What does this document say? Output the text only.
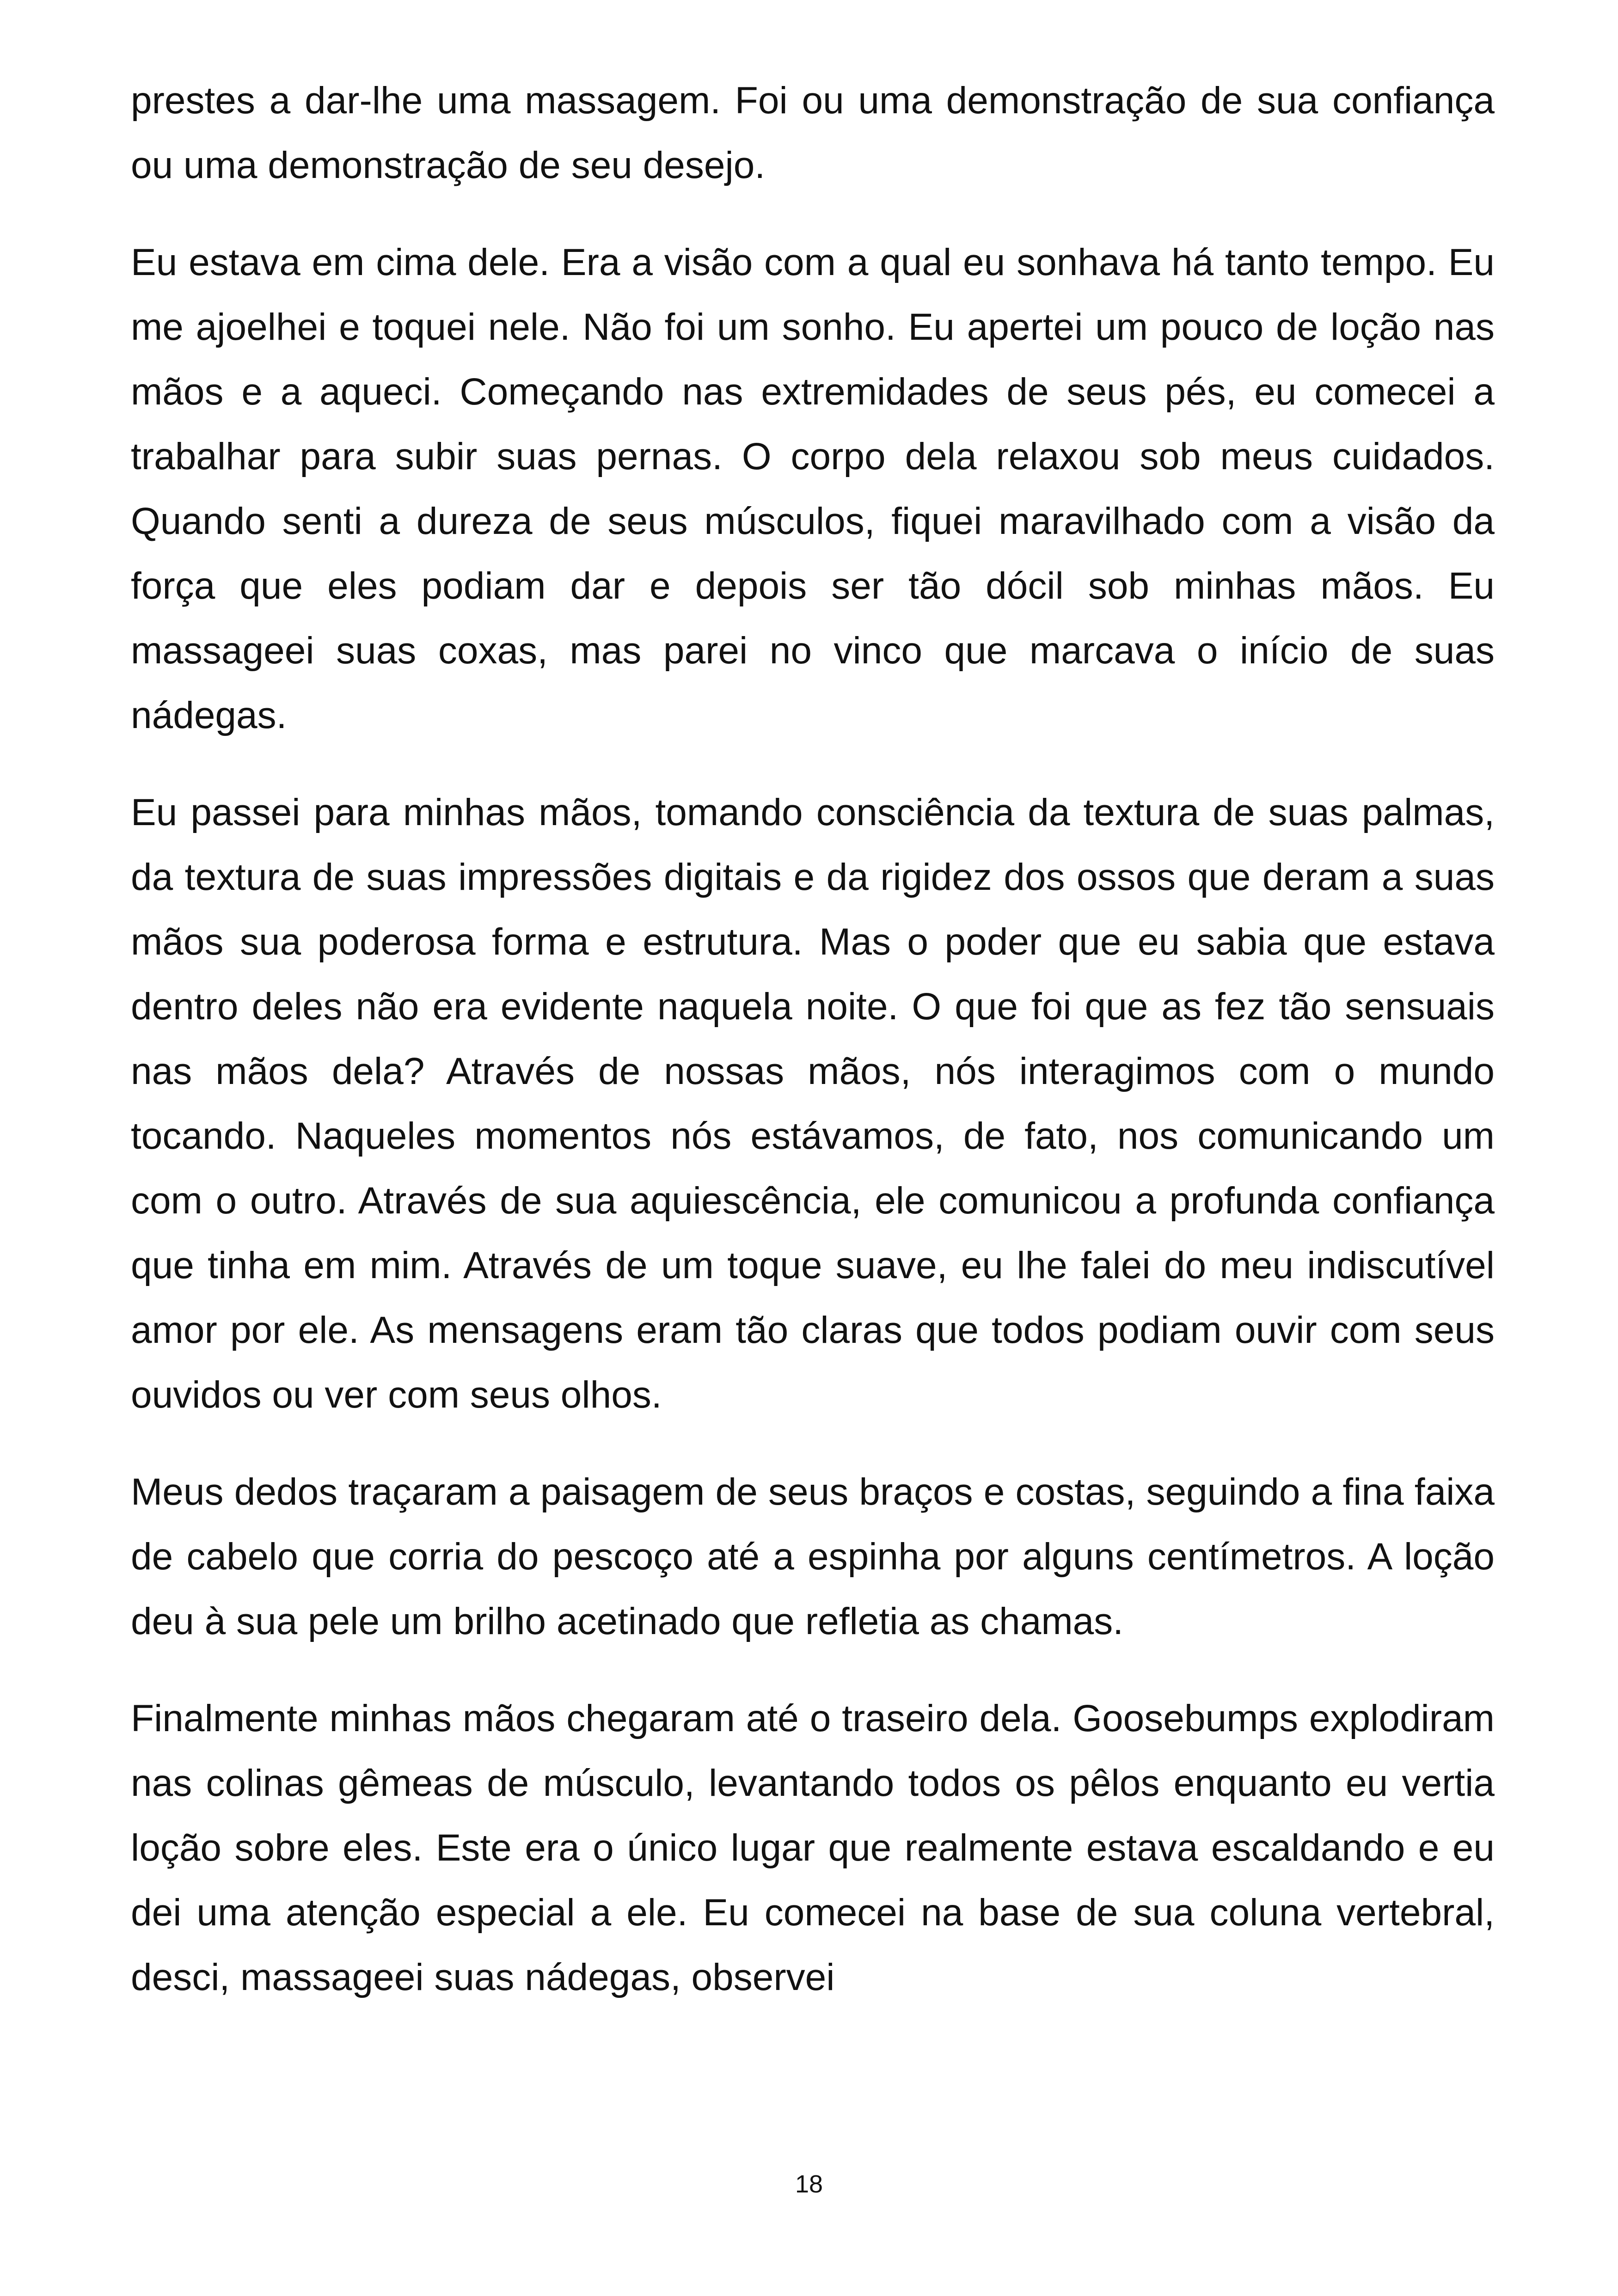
prestes a dar-lhe uma massagem. Foi ou uma demonstração de sua confiança ou uma demonstração de seu desejo.

Eu estava em cima dele. Era a visão com a qual eu sonhava há tanto tempo. Eu me ajoelhei e toquei nele. Não foi um sonho. Eu apertei um pouco de loção nas mãos e a aqueci. Começando nas extremidades de seus pés, eu comecei a trabalhar para subir suas pernas. O corpo dela relaxou sob meus cuidados. Quando senti a dureza de seus músculos, fiquei maravilhado com a visão da força que eles podiam dar e depois ser tão dócil sob minhas mãos. Eu massageei suas coxas, mas parei no vinco que marcava o início de suas nádegas.

Eu passei para minhas mãos, tomando consciência da textura de suas palmas, da textura de suas impressões digitais e da rigidez dos ossos que deram a suas mãos sua poderosa forma e estrutura. Mas o poder que eu sabia que estava dentro deles não era evidente naquela noite. O que foi que as fez tão sensuais nas mãos dela? Através de nossas mãos, nós interagimos com o mundo tocando. Naqueles momentos nós estávamos, de fato, nos comunicando um com o outro. Através de sua aquiescência, ele comunicou a profunda confiança que tinha em mim. Através de um toque suave, eu lhe falei do meu indiscutível amor por ele. As mensagens eram tão claras que todos podiam ouvir com seus ouvidos ou ver com seus olhos.

Meus dedos traçaram a paisagem de seus braços e costas, seguindo a fina faixa de cabelo que corria do pescoço até a espinha por alguns centímetros. A loção deu à sua pele um brilho acetinado que refletia as chamas.

Finalmente minhas mãos chegaram até o traseiro dela. Goosebumps explodiram nas colinas gêmeas de músculo, levantando todos os pêlos enquanto eu vertia loção sobre eles. Este era o único lugar que realmente estava escaldando e eu dei uma atenção especial a ele. Eu comecei na base de sua coluna vertebral, desci, massageei suas nádegas, observei

18
